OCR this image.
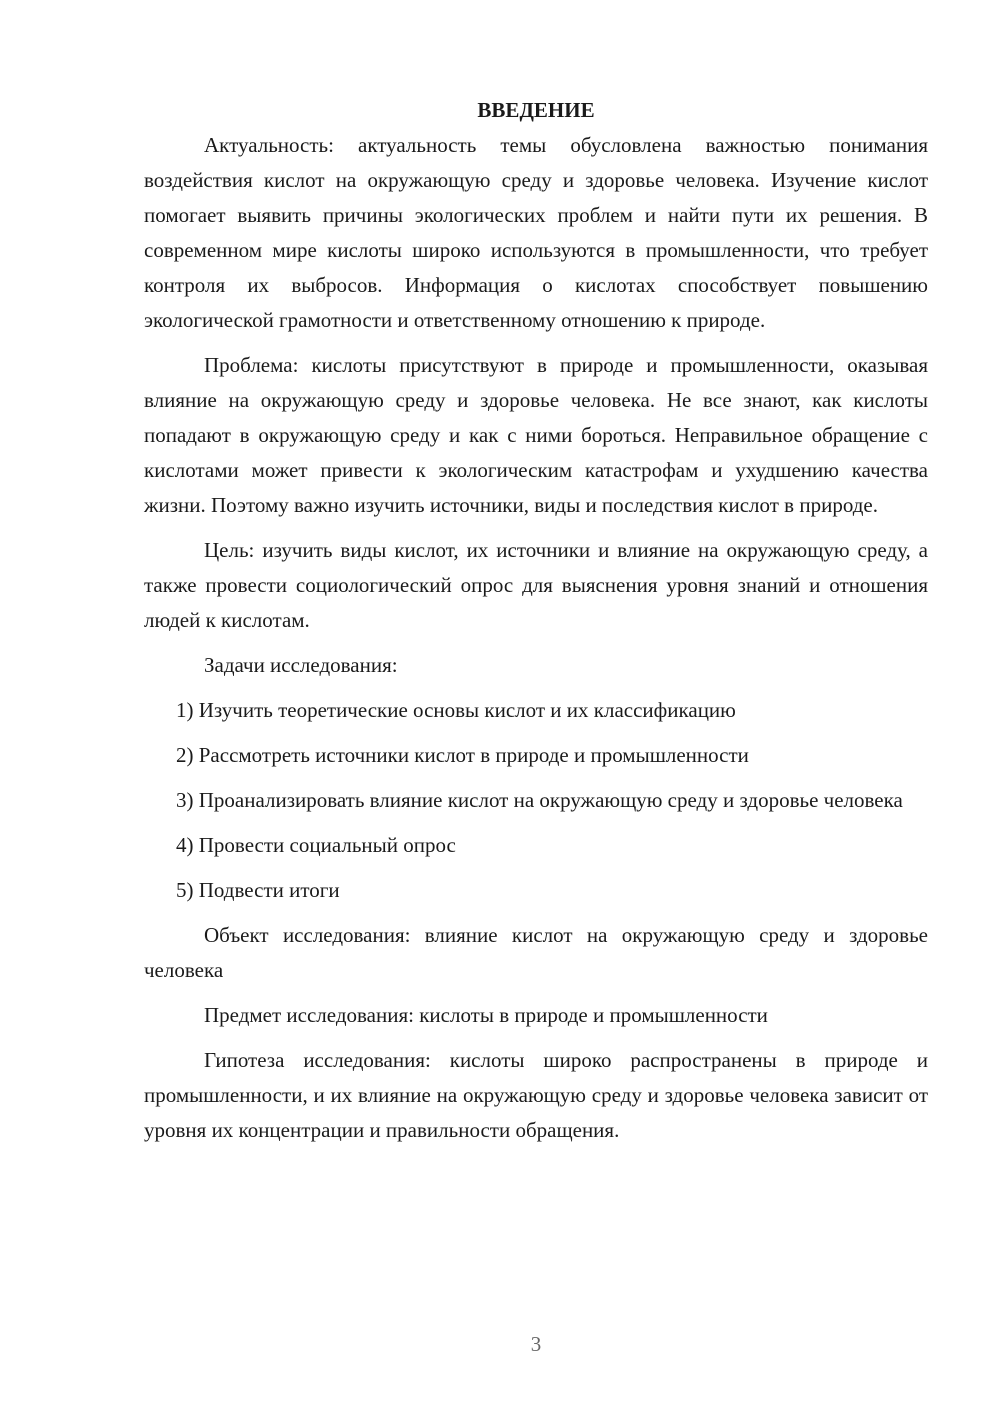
ВВЕДЕНИЕ

Актуальность: актуальность темы обусловлена важностью понимания воздействия кислот на окружающую среду и здоровье человека. Изучение кислот помогает выявить причины экологических проблем и найти пути их решения. В современном мире кислоты широко используются в промышленности, что требует контроля их выбросов. Информация о кислотах способствует повышению экологической грамотности и ответственному отношению к природе.

Проблема: кислоты присутствуют в природе и промышленности, оказывая влияние на окружающую среду и здоровье человека. Не все знают, как кислоты попадают в окружающую среду и как с ними бороться. Неправильное обращение с кислотами может привести к экологическим катастрофам и ухудшению качества жизни. Поэтому важно изучить источники, виды и последствия кислот в природе.

Цель: изучить виды кислот, их источники и влияние на окружающую среду, а также провести социологический опрос для выяснения уровня знаний и отношения людей к кислотам.

Задачи исследования:

1) Изучить теоретические основы кислот и их классификацию

2) Рассмотреть источники кислот в природе и промышленности

3) Проанализировать влияние кислот на окружающую среду и здоровье человека

4) Провести социальный опрос

5) Подвести итоги

Объект исследования: влияние кислот на окружающую среду и здоровье человека

Предмет исследования: кислоты в природе и промышленности

Гипотеза исследования: кислоты широко распространены в природе и промышленности, и их влияние на окружающую среду и здоровье человека зависит от уровня их концентрации и правильности обращения.

3
